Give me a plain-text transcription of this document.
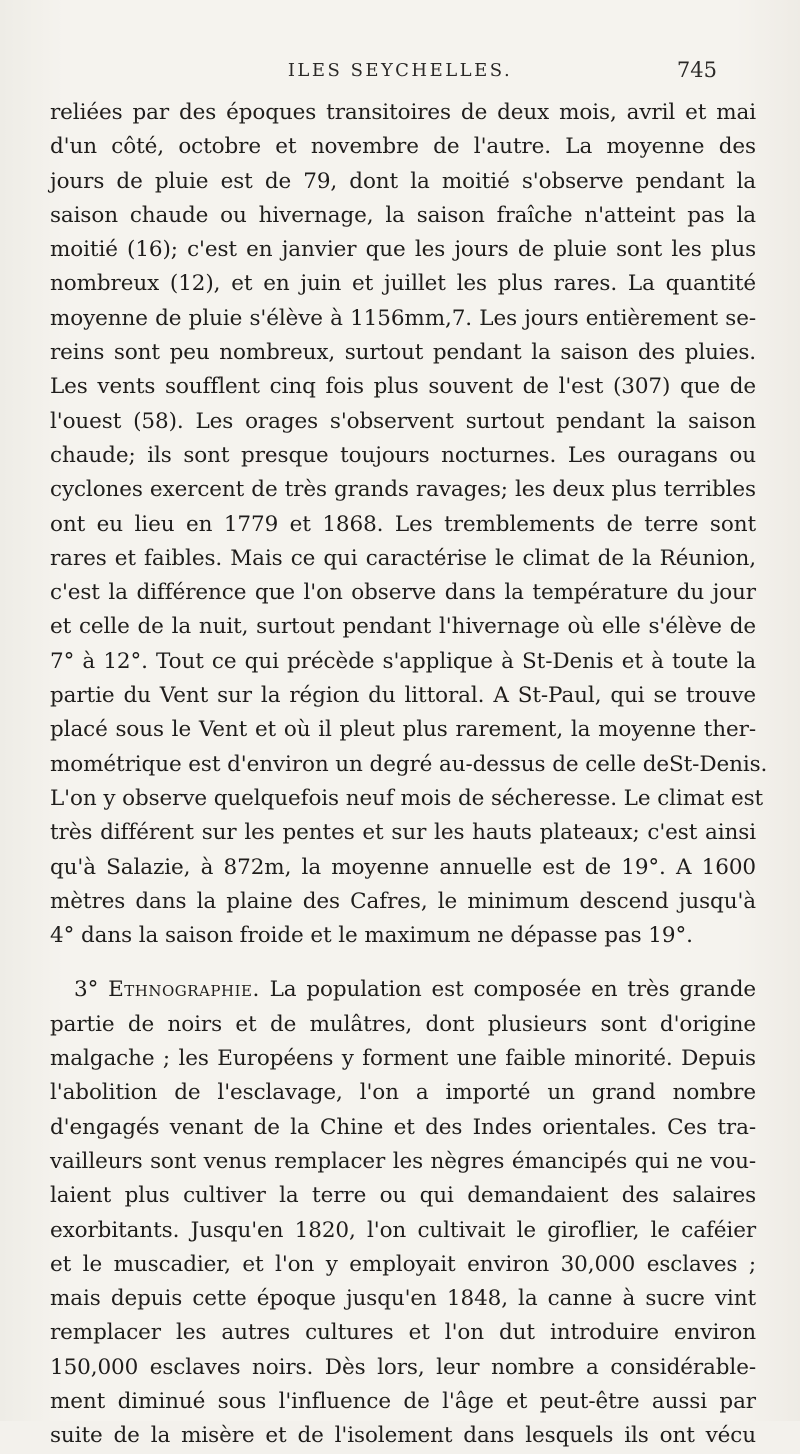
ILES SEYCHELLES.	745
reliées par des époques transitoires de deux mois, avril et mai
d'un côté, octobre et novembre de l'autre. La moyenne des
jours de pluie est de 79, dont la moitié s'observe pendant la
saison chaude ou hivernage, la saison fraîche n'atteint pas la
moitié (16); c'est en janvier que les jours de pluie sont les plus
nombreux (12), et en juin et juillet les plus rares. La quantité
moyenne de pluie s'élève à 1156mm,7. Les jours entièrement se-
reins sont peu nombreux, surtout pendant la saison des pluies.
Les vents soufflent cinq fois plus souvent de l'est (307) que de
l'ouest (58). Les orages s'observent surtout pendant la saison
chaude; ils sont presque toujours nocturnes. Les ouragans ou
cyclones exercent de très grands ravages; les deux plus terribles
ont eu lieu en 1779 et 1868. Les tremblements de terre sont
rares et faibles. Mais ce qui caractérise le climat de la Réunion,
c'est la différence que l'on observe dans la température du jour
et celle de la nuit, surtout pendant l'hivernage où elle s'élève de
7° à 12°. Tout ce qui précède s'applique à St-Denis et à toute la
partie du Vent sur la région du littoral. A St-Paul, qui se trouve
placé sous le Vent et où il pleut plus rarement, la moyenne ther-
mométrique est d'environ un degré au-dessus de celle deSt-Denis.
L'on y observe quelquefois neuf mois de sécheresse. Le climat est
très différent sur les pentes et sur les hauts plateaux; c'est ainsi
qu'à Salazie, à 872m, la moyenne annuelle est de 19°. A 1600
mètres dans la plaine des Cafres, le minimum descend jusqu'à
4° dans la saison froide et le maximum ne dépasse pas 19°.
3° Ethnographie. La population est composée en très grande
partie de noirs et de mulâtres, dont plusieurs sont d'origine
malgache ; les Européens y forment une faible minorité. Depuis
l'abolition de l'esclavage, l'on a importé un grand nombre
d'engagés venant de la Chine et des Indes orientales. Ces tra-
vailleurs sont venus remplacer les nègres émancipés qui ne vou-
laient plus cultiver la terre ou qui demandaient des salaires
exorbitants. Jusqu'en 1820, l'on cultivait le giroflier, le caféier
et le muscadier, et l'on y employait environ 30,000 esclaves ;
mais depuis cette époque jusqu'en 1848, la canne à sucre vint
remplacer les autres cultures et l'on dut introduire environ
150,000 esclaves noirs. Dès lors, leur nombre a considérable-
ment diminué sous l'influence de l'âge et peut-être aussi par
suite de la misère et de l'isolement dans lesquels ils ont vécu
